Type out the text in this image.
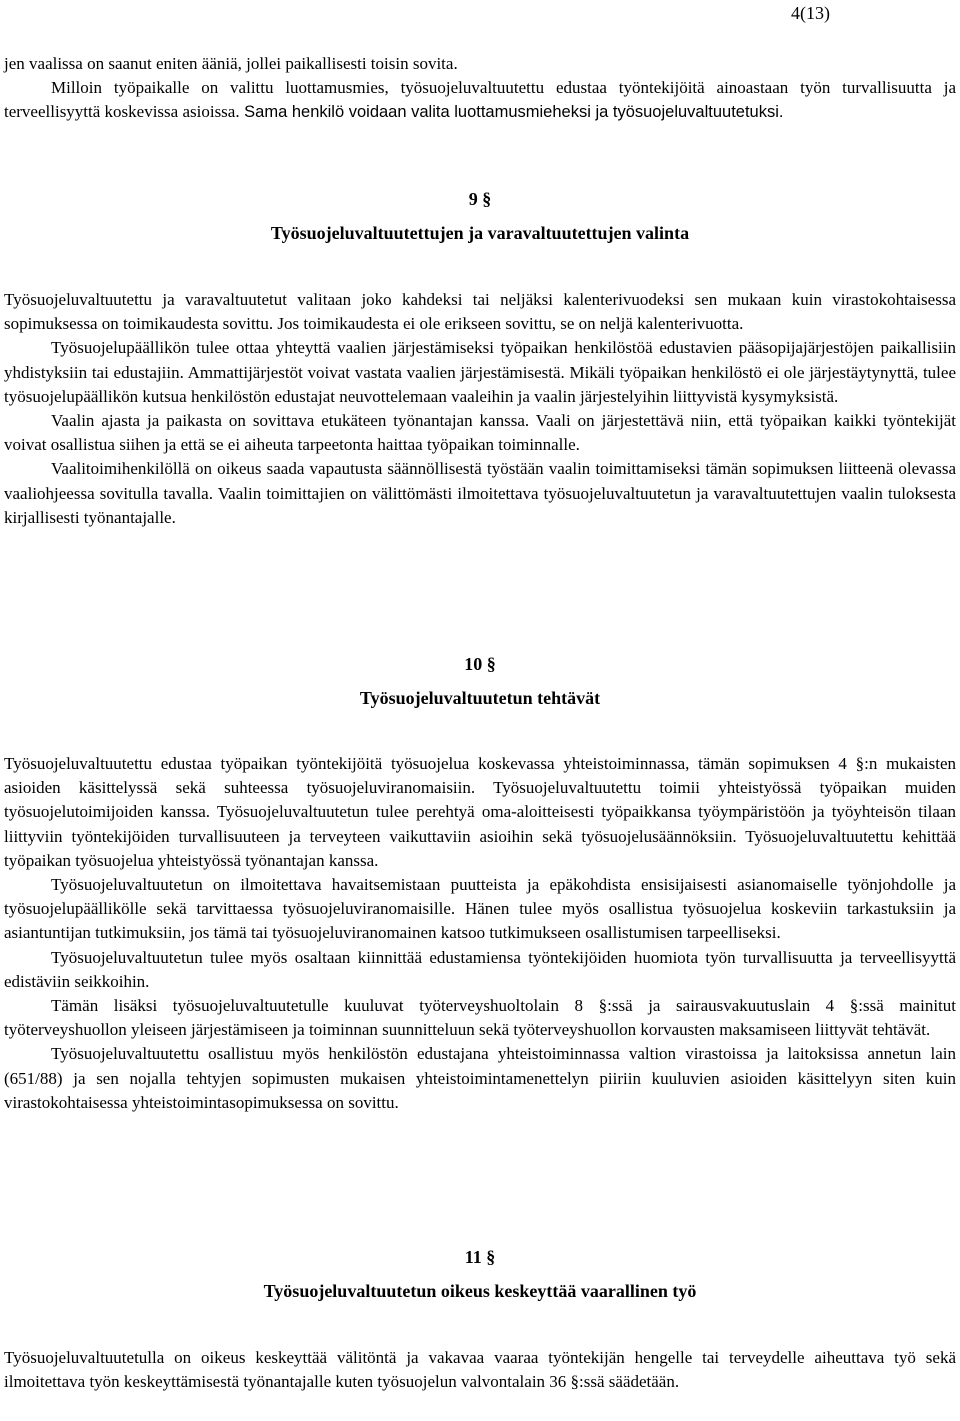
4(13)

jen vaalissa on saanut eniten ääniä, jollei paikallisesti toisin sovita.

Milloin työpaikalle on valittu luottamusmies, työsuojeluvaltuutettu edustaa työntekijöitä ainoastaan työn turvallisuutta ja terveellisyyttä koskevissa asioissa. Sama henkilö voidaan valita luottamusmieheksi ja työsuojeluvaltuutetuksi.

9 §
Työsuojeluvaltuutettujen ja varavaltuutettujen valinta

Työsuojeluvaltuutettu ja varavaltuutetut valitaan joko kahdeksi tai neljäksi kalenterivuodeksi sen mukaan kuin virastokohtaisessa sopimuksessa on toimikaudesta sovittu. Jos toimikaudesta ei ole erikseen sovittu, se on neljä kalenterivuotta.

Työsuojelupäällikön tulee ottaa yhteyttä vaalien järjestämiseksi työpaikan henkilöstöä edustavien pääsopijajärjestöjen paikallisiin yhdistyksiin tai edustajiin. Ammattijärjestöt voivat vastata vaalien järjestämisestä. Mikäli työpaikan henkilöstö ei ole järjestäytynyttä, tulee työsuojelupäällikön kutsua henkilöstön edustajat neuvottelemaan vaaleihin ja vaalin järjestelyihin liittyvistä kysymyksistä.

Vaalin ajasta ja paikasta on sovittava etukäteen työnantajan kanssa. Vaali on järjestettävä niin, että työpaikan kaikki työntekijät voivat osallistua siihen ja että se ei aiheuta tarpeetonta haittaa työpaikan toiminnalle.

Vaalitoimihenkilöllä on oikeus saada vapautusta säännöllisestä työstään vaalin toimittamiseksi tämän sopimuksen liitteenä olevassa vaaliohjeessa sovitulla tavalla. Vaalin toimittajien on välittömästi ilmoitettava työsuojeluvaltuutetun ja varavaltuutettujen vaalin tuloksesta kirjallisesti työnantajalle.

10 §
Työsuojeluvaltuutetun tehtävät

Työsuojeluvaltuutettu edustaa työpaikan työntekijöitä työsuojelua koskevassa yhteistoiminnassa, tämän sopimuksen 4 §:n mukaisten asioiden käsittelyssä sekä suhteessa työsuojeluviranomaisiin. Työsuojeluvaltuutettu toimii yhteistyössä työpaikan muiden työsuojelutoimijoiden kanssa. Työsuojeluvaltuutetun tulee perehtyä oma-aloitteisesti työpaikkansa työympäristöön ja työyhteisön tilaan liittyviin työntekijöiden turvallisuuteen ja terveyteen vaikuttaviin asioihin sekä työsuojelusäännöksiin. Työsuojeluvaltuutettu kehittää työpaikan työsuojelua yhteistyössä työnantajan kanssa.

Työsuojeluvaltuutetun on ilmoitettava havaitsemistaan puutteista ja epäkohdista ensisijaisesti asianomaiselle työnjohdolle ja työsuojelupäällikölle sekä tarvittaessa työsuojeluviranomaisille. Hänen tulee myös osallistua työsuojelua koskeviin tarkastuksiin ja asiantuntijan tutkimuksiin, jos tämä tai työsuojeluviranomainen katsoo tutkimukseen osallistumisen tarpeelliseksi.

Työsuojeluvaltuutetun tulee myös osaltaan kiinnittää edustamiensa työntekijöiden huomiota työn turvallisuutta ja terveellisyyttä edistäviin seikkoihin.

Tämän lisäksi työsuojeluvaltuutetulle kuuluvat työterveyshuoltolain 8 §:ssä ja sairausvakuutuslain 4 §:ssä mainitut työterveyshuollon yleiseen järjestämiseen ja toiminnan suunnitteluun sekä työterveyshuollon korvausten maksamiseen liittyvät tehtävät.

Työsuojeluvaltuutettu osallistuu myös henkilöstön edustajana yhteistoiminnassa valtion virastoissa ja laitoksissa annetun lain (651/88) ja sen nojalla tehtyjen sopimusten mukaisen yhteistoimintamenettelyn piiriin kuuluvien asioiden käsittelyyn siten kuin virastokohtaisessa yhteistoimintasopimuksessa on sovittu.

11 §
Työsuojeluvaltuutetun oikeus keskeyttää vaarallinen työ

Työsuojeluvaltuutetulla on oikeus keskeyttää välitöntä ja vakavaa vaaraa työntekijän hengelle tai terveydelle aiheuttava työ sekä ilmoitettava työn keskeyttämisestä työnantajalle kuten työsuojelun valvontalain 36 §:ssä säädetään.
